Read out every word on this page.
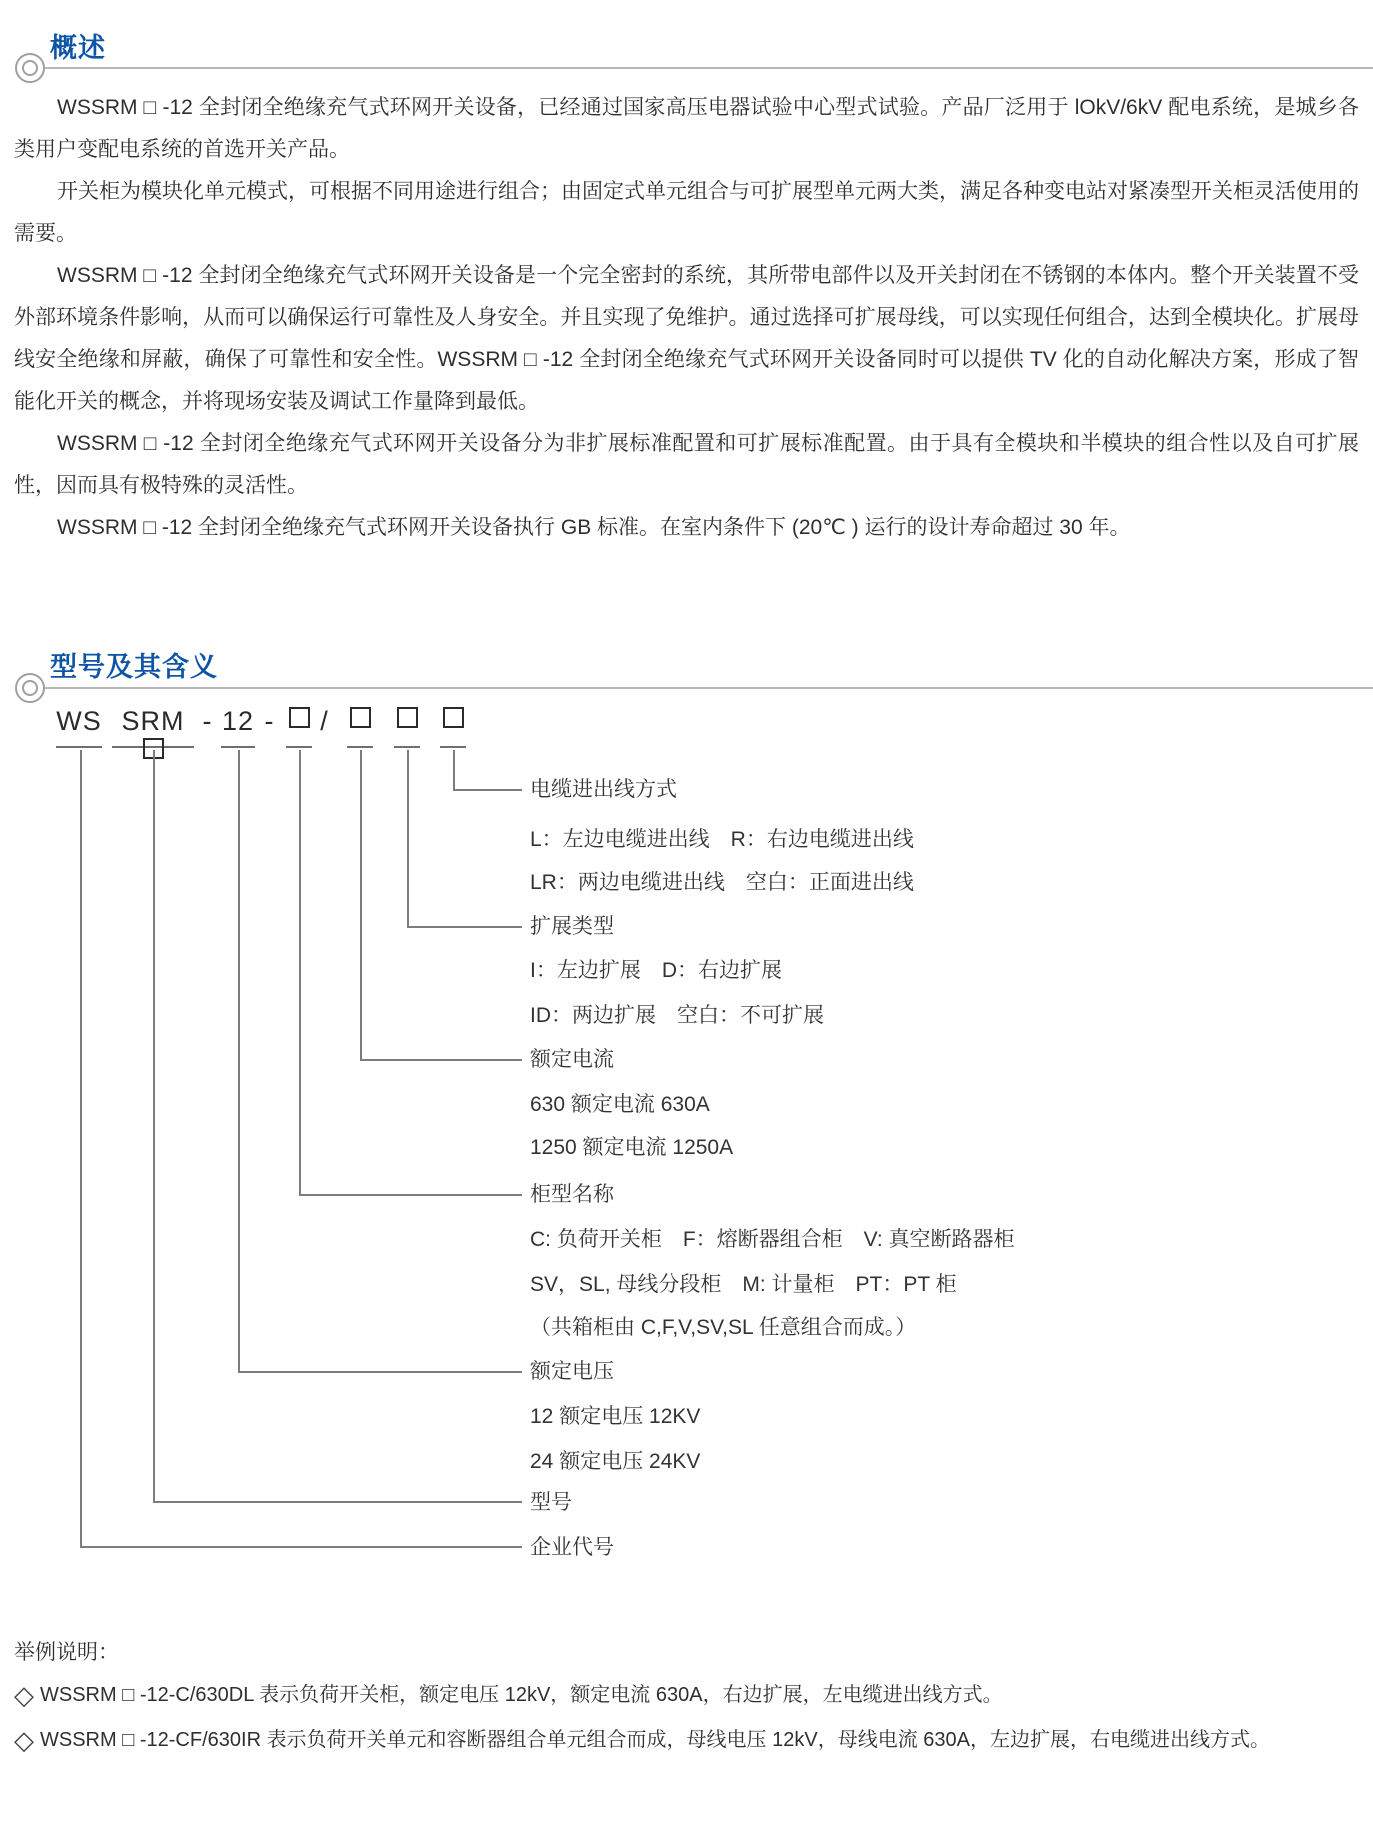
概述

WSSRM □ -12 全封闭全绝缘充气式环网开关设备，已经通过国家高压电器试验中心型式试验。产品厂泛用于 lOkV/6kV 配电系统，是城乡各类用户变配电系统的首选开关产品。

开关柜为模块化单元模式，可根据不同用途进行组合；由固定式单元组合与可扩展型单元两大类，满足各种变电站对紧凑型开关柜灵活使用的需要。

WSSRM □ -12 全封闭全绝缘充气式环网开关设备是一个完全密封的系统，其所带电部件以及开关封闭在不锈钢的本体内。整个开关装置不受外部环境条件影响，从而可以确保运行可靠性及人身安全。并且实现了免维护。通过选择可扩展母线，可以实现任何组合，达到全模块化。扩展母线安全绝缘和屏蔽，确保了可靠性和安全性。WSSRM □ -12 全封闭全绝缘充气式环网开关设备同时可以提供 TV 化的自动化解决方案，形成了智能化开关的概念，并将现场安装及调试工作量降到最低。

WSSRM □ -12 全封闭全绝缘充气式环网开关设备分为非扩展标准配置和可扩展标准配置。由于具有全模块和半模块的组合性以及自可扩展性，因而具有极特殊的灵活性。

WSSRM □ -12 全封闭全绝缘充气式环网开关设备执行 GB 标准。在室内条件下 (20℃ ) 运行的设计寿命超过 30 年。

型号及其含义
WS SRM - 12 - /
电缆进出线方式
L：左边电缆进出线　R：右边电缆进出线
LR：两边电缆进出线　空白：正面进出线
扩展类型
I：左边扩展　D：右边扩展
ID：两边扩展　空白：不可扩展
额定电流
630 额定电流 630A
1250 额定电流 1250A
柜型名称
C: 负荷开关柜　F：熔断器组合柜　V: 真空断路器柜
SV，SL, 母线分段柜　M: 计量柜　PT：PT 柜
（共箱柜由 C,F,V,SV,SL 任意组合而成。）
额定电压
12 额定电压 12KV
24 额定电压 24KV
型号
企业代号
举例说明：
◇ WSSRM □ -12-C/630DL 表示负荷开关柜，额定电压 12kV，额定电流 630A，右边扩展，左电缆进出线方式。
◇ WSSRM □ -12-CF/630IR 表示负荷开关单元和容断器组合单元组合而成，母线电压 12kV，母线电流 630A，左边扩展，右电缆进出线方式。
